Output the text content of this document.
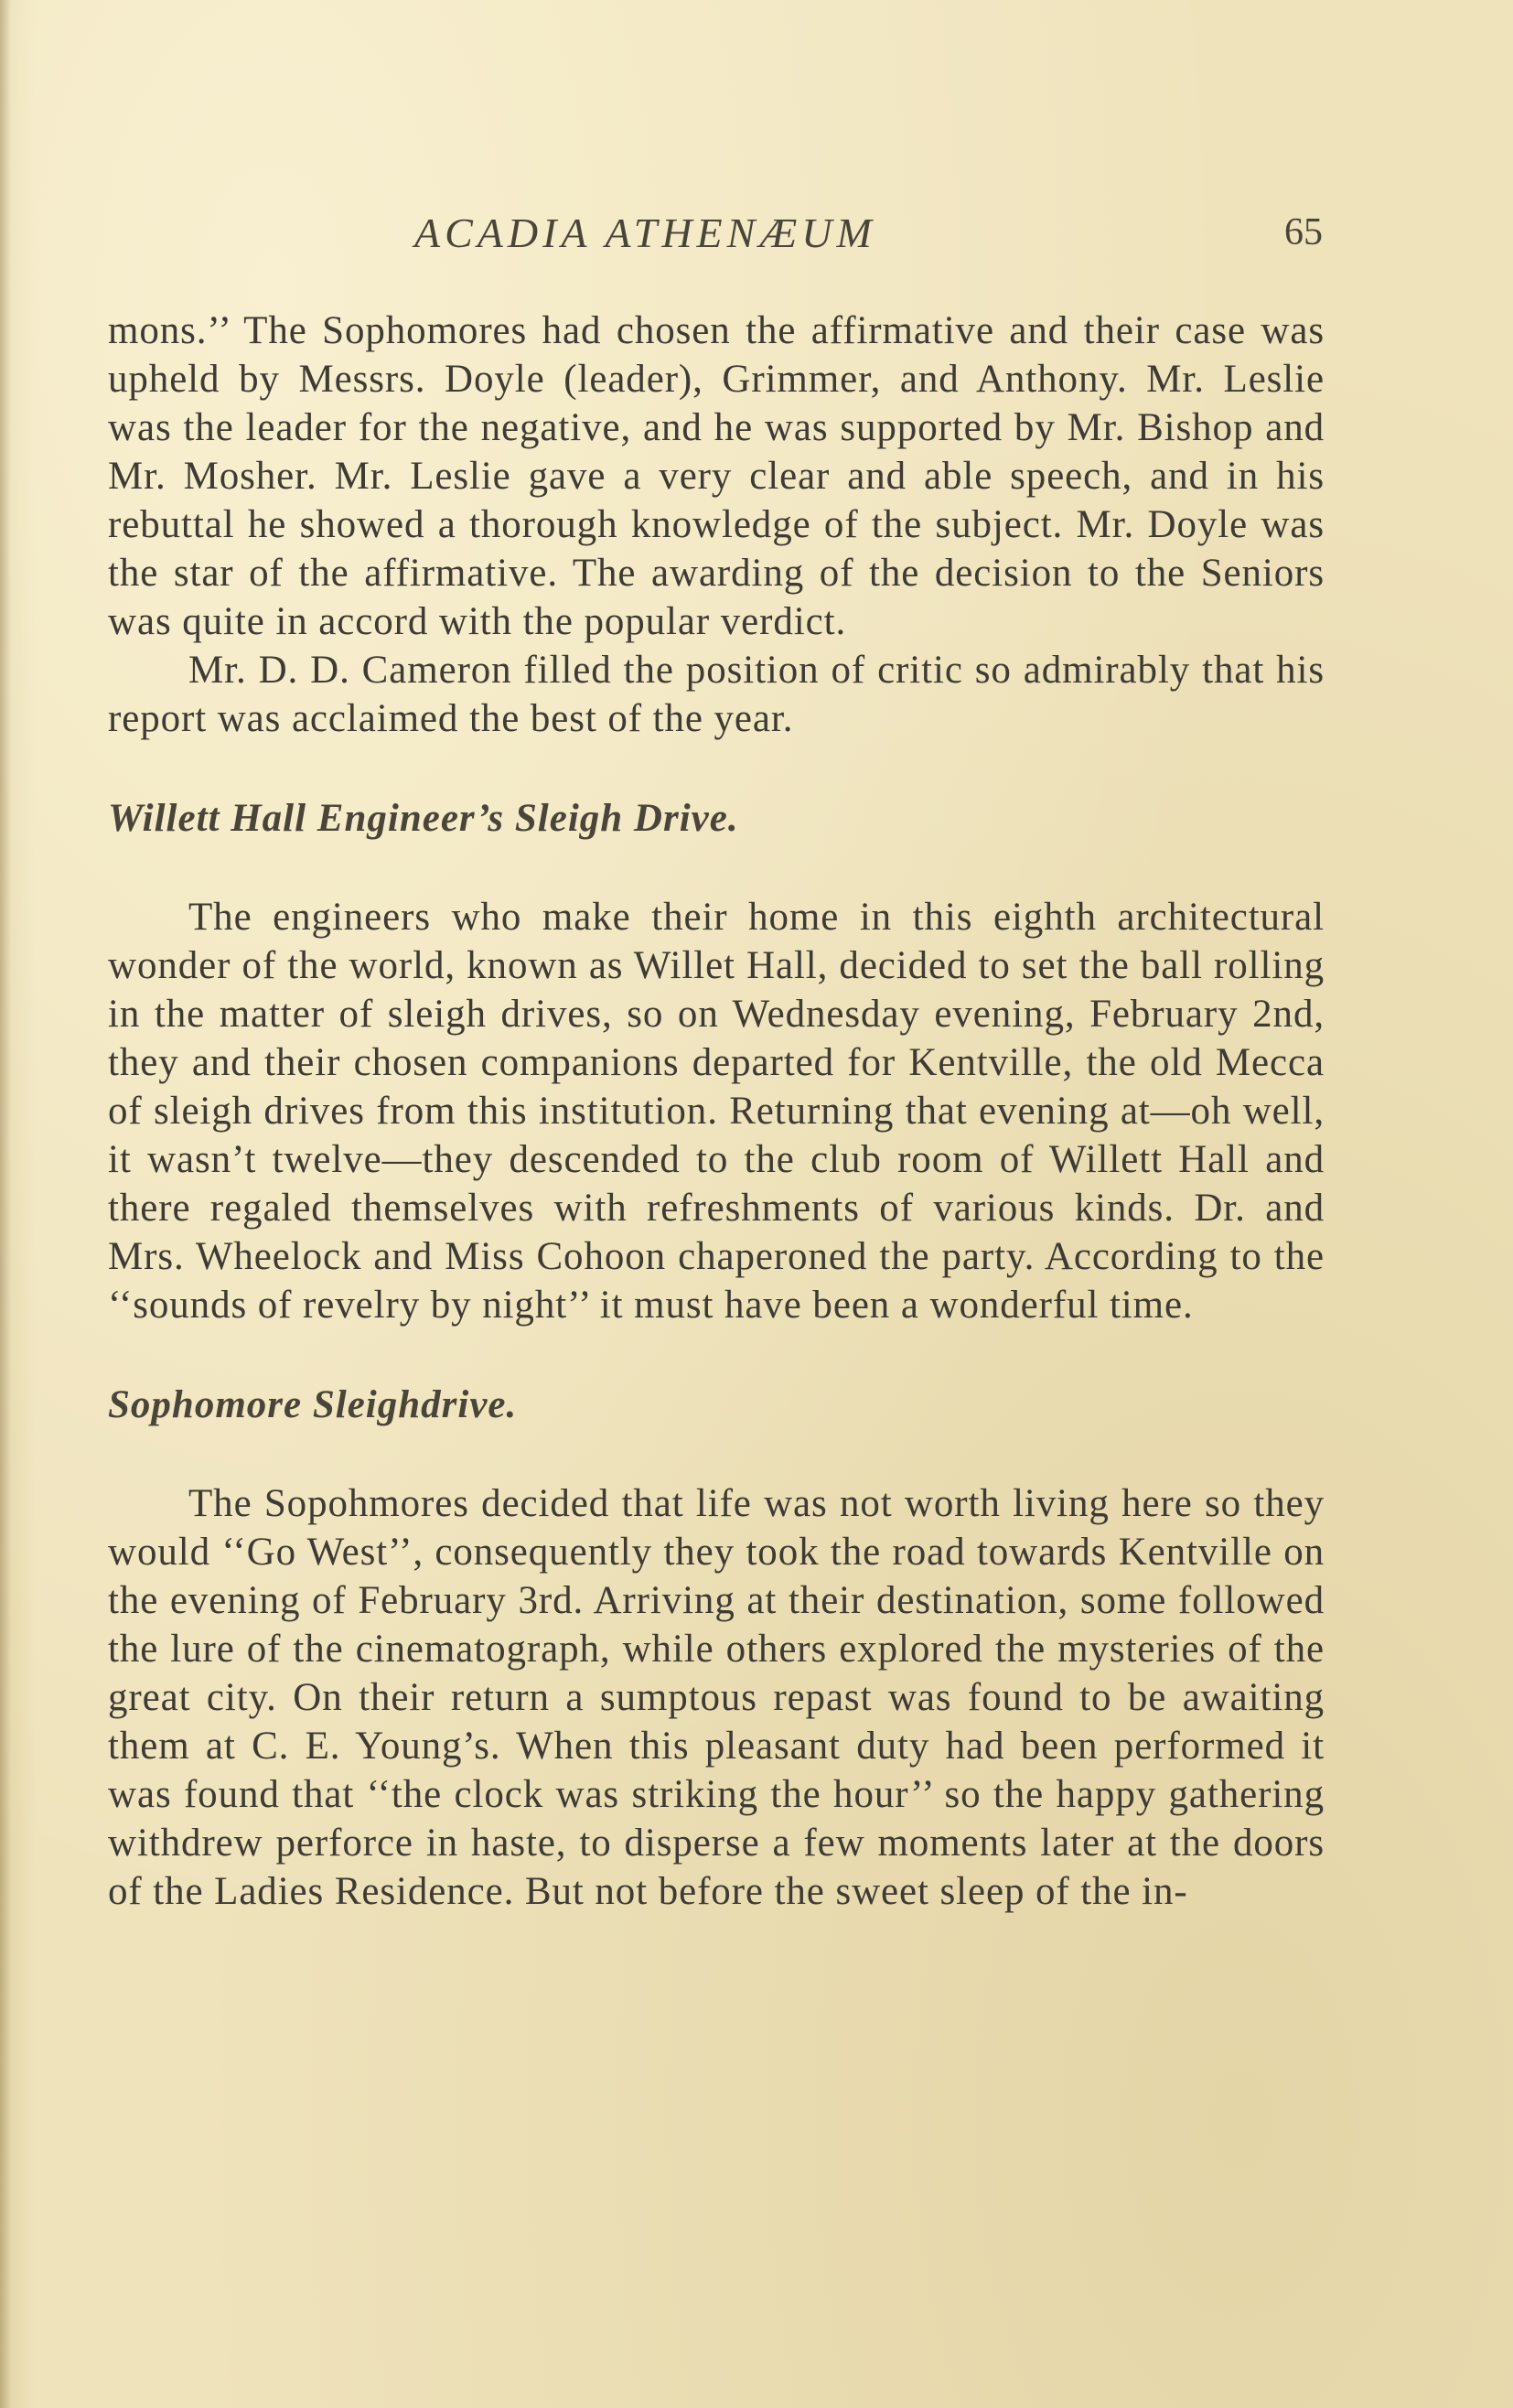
ACADIA ATHENÆUM	65

mons.’’ The Sophomores had chosen the affirmative and their case was upheld by Messrs. Doyle (leader), Grimmer, and Anthony. Mr. Leslie was the leader for the negative, and he was supported by Mr. Bishop and Mr. Mosher. Mr. Leslie gave a very clear and able speech, and in his rebuttal he showed a thorough knowledge of the subject. Mr. Doyle was the star of the affirmative. The awarding of the decision to the Seniors was quite in accord with the popular verdict.

Mr. D. D. Cameron filled the position of critic so admirably that his report was acclaimed the best of the year.

Willett Hall Engineer’s Sleigh Drive.

The engineers who make their home in this eighth architectural wonder of the world, known as Willet Hall, decided to set the ball rolling in the matter of sleigh drives, so on Wednesday evening, February 2nd, they and their chosen companions departed for Kentville, the old Mecca of sleigh drives from this institution. Returning that evening at—oh well, it wasn’t twelve—they descended to the club room of Willett Hall and there regaled themselves with refreshments of various kinds. Dr. and Mrs. Wheelock and Miss Cohoon chaperoned the party. According to the ‘‘sounds of revelry by night’’ it must have been a wonderful time.

Sophomore Sleighdrive.

The Sopohmores decided that life was not worth living here so they would ‘‘Go West’’, consequently they took the road towards Kentville on the evening of February 3rd. Arriving at their destination, some followed the lure of the cinematograph, while others explored the mysteries of the great city. On their return a sumptous repast was found to be awaiting them at C. E. Young’s. When this pleasant duty had been performed it was found that ‘‘the clock was striking the hour’’ so the happy gathering withdrew perforce in haste, to disperse a few moments later at the doors of the Ladies Residence. But not before the sweet sleep of the in-
